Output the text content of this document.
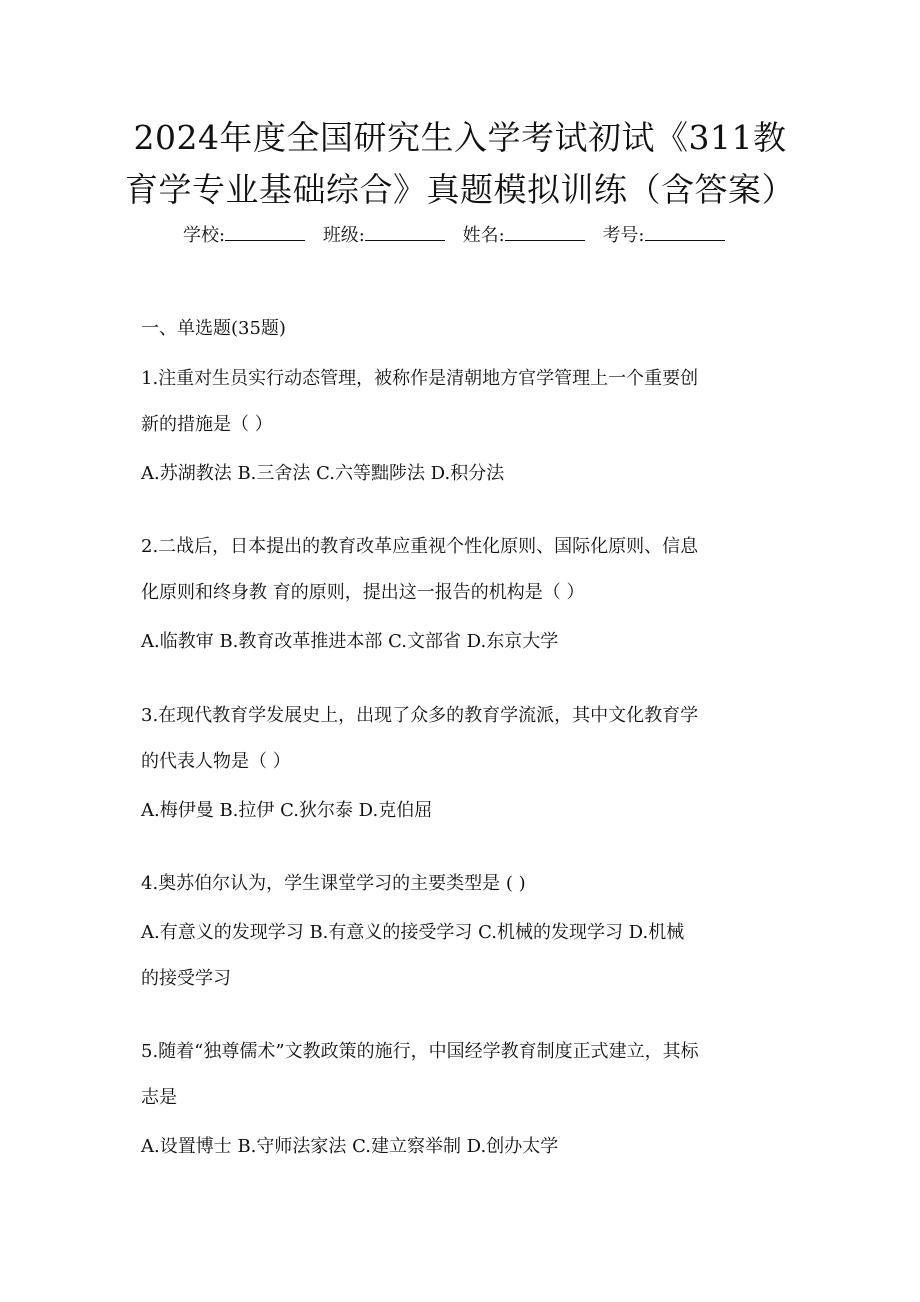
2024年度全国研究生入学考试初试《311教
育学专业基础综合》真题模拟训练（含答案）
学校:	班级:	姓名:	考号:
一、单选题(35题)
1.注重对生员实行动态管理，被称作是清朝地方官学管理上一个重要创
新的措施是（ ）
A.苏湖教法 B.三舍法 C.六等黜陟法 D.积分法
2.二战后，日本提出的教育改革应重视个性化原则、国际化原则、信息
化原则和终身教 育的原则，提出这一报告的机构是（ ）
A.临教审 B.教育改革推进本部 C.文部省 D.东京大学
3.在现代教育学发展史上，出现了众多的教育学流派，其中文化教育学
的代表人物是（ ）
A.梅伊曼 B.拉伊 C.狄尔泰 D.克伯屈
4.奥苏伯尔认为，学生课堂学习的主要类型是 ( )
A.有意义的发现学习 B.有意义的接受学习 C.机械的发现学习 D.机械
的接受学习
5.随着“独尊儒术”文教政策的施行，中国经学教育制度正式建立，其标
志是
A.设置博士 B.守师法家法 C.建立察举制 D.创办太学
